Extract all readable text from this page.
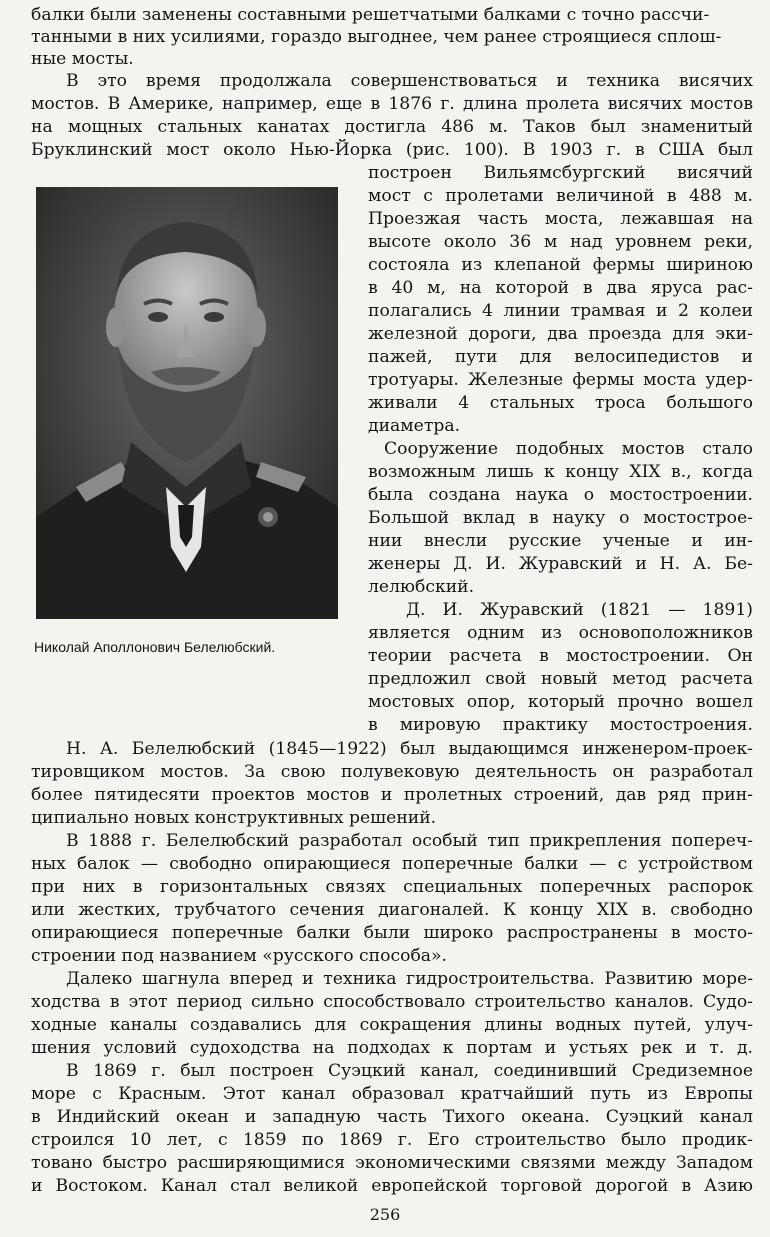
балки были заменены составными решетчатыми балками с точно рассчи-

танными в них усилиями, гораздо выгоднее, чем ранее строящиеся сплош-

ные мосты.

В это время продолжала совершенствоваться и техника висячих

мостов. В Америке, например, еще в 1876 г. длина пролета висячих мостов

на мощных стальных канатах достигла 486 м. Таков был знаменитый

Бруклинский мост около Нью-Йорка (рис. 100). В 1903 г. в США был

Николай Аполлонович Белелюбский.

построен Вильямсбургский висячий

мост с пролетами величиной в 488 м.

Проезжая часть моста, лежавшая на

высоте около 36 м над уровнем реки,

состояла из клепаной фермы шириною

в 40 м, на которой в два яруса рас-

полагались 4 линии трамвая и 2 колеи

железной дороги, два проезда для эки-

пажей, пути для велосипедистов и

тротуары. Железные фермы моста удер-

живали 4 стальных троса большого

диаметра.

Сооружение подобных мостов стало

возможным лишь к концу XIX в., когда

была создана наука о мостостроении.

Большой вклад в науку о мостострое-

нии внесли русские ученые и ин-

женеры Д. И. Журавский и Н. А. Бе-

лелюбский.

Д. И. Журавский (1821 — 1891)

является одним из основоположников

теории расчета в мостостроении. Он

предложил свой новый метод расчета

мостовых опор, который прочно вошел

в мировую практику мостостроения.

Н. А. Белелюбский (1845—1922) был выдающимся инженером-проек-

тировщиком мостов. За свою полувековую деятельность он разработал

более пятидесяти проектов мостов и пролетных строений, дав ряд прин-

ципиально новых конструктивных решений.

В 1888 г. Белелюбский разработал особый тип прикрепления попереч-

ных балок — свободно опирающиеся поперечные балки — с устройством

при них в горизонтальных связях специальных поперечных распорок

или жестких, трубчатого сечения диагоналей. К концу XIX в. свободно

опирающиеся поперечные балки были широко распространены в мосто-

строении под названием «русского способа».

Далеко шагнула вперед и техника гидростроительства. Развитию море-

ходства в этот период сильно способствовало строительство каналов. Судо-

ходные каналы создавались для сокращения длины водных путей, улуч-

шения условий судоходства на подходах к портам и устьях рек и т. д.

В 1869 г. был построен Суэцкий канал, соединивший Средиземное

море с Красным. Этот канал образовал кратчайший путь из Европы

в Индийский океан и западную часть Тихого океана. Суэцкий канал

строился 10 лет, с 1859 по 1869 г. Его строительство было продик-

товано быстро расширяющимися экономическими связями между Западом

и Востоком. Канал стал великой европейской торговой дорогой в Азию

256
